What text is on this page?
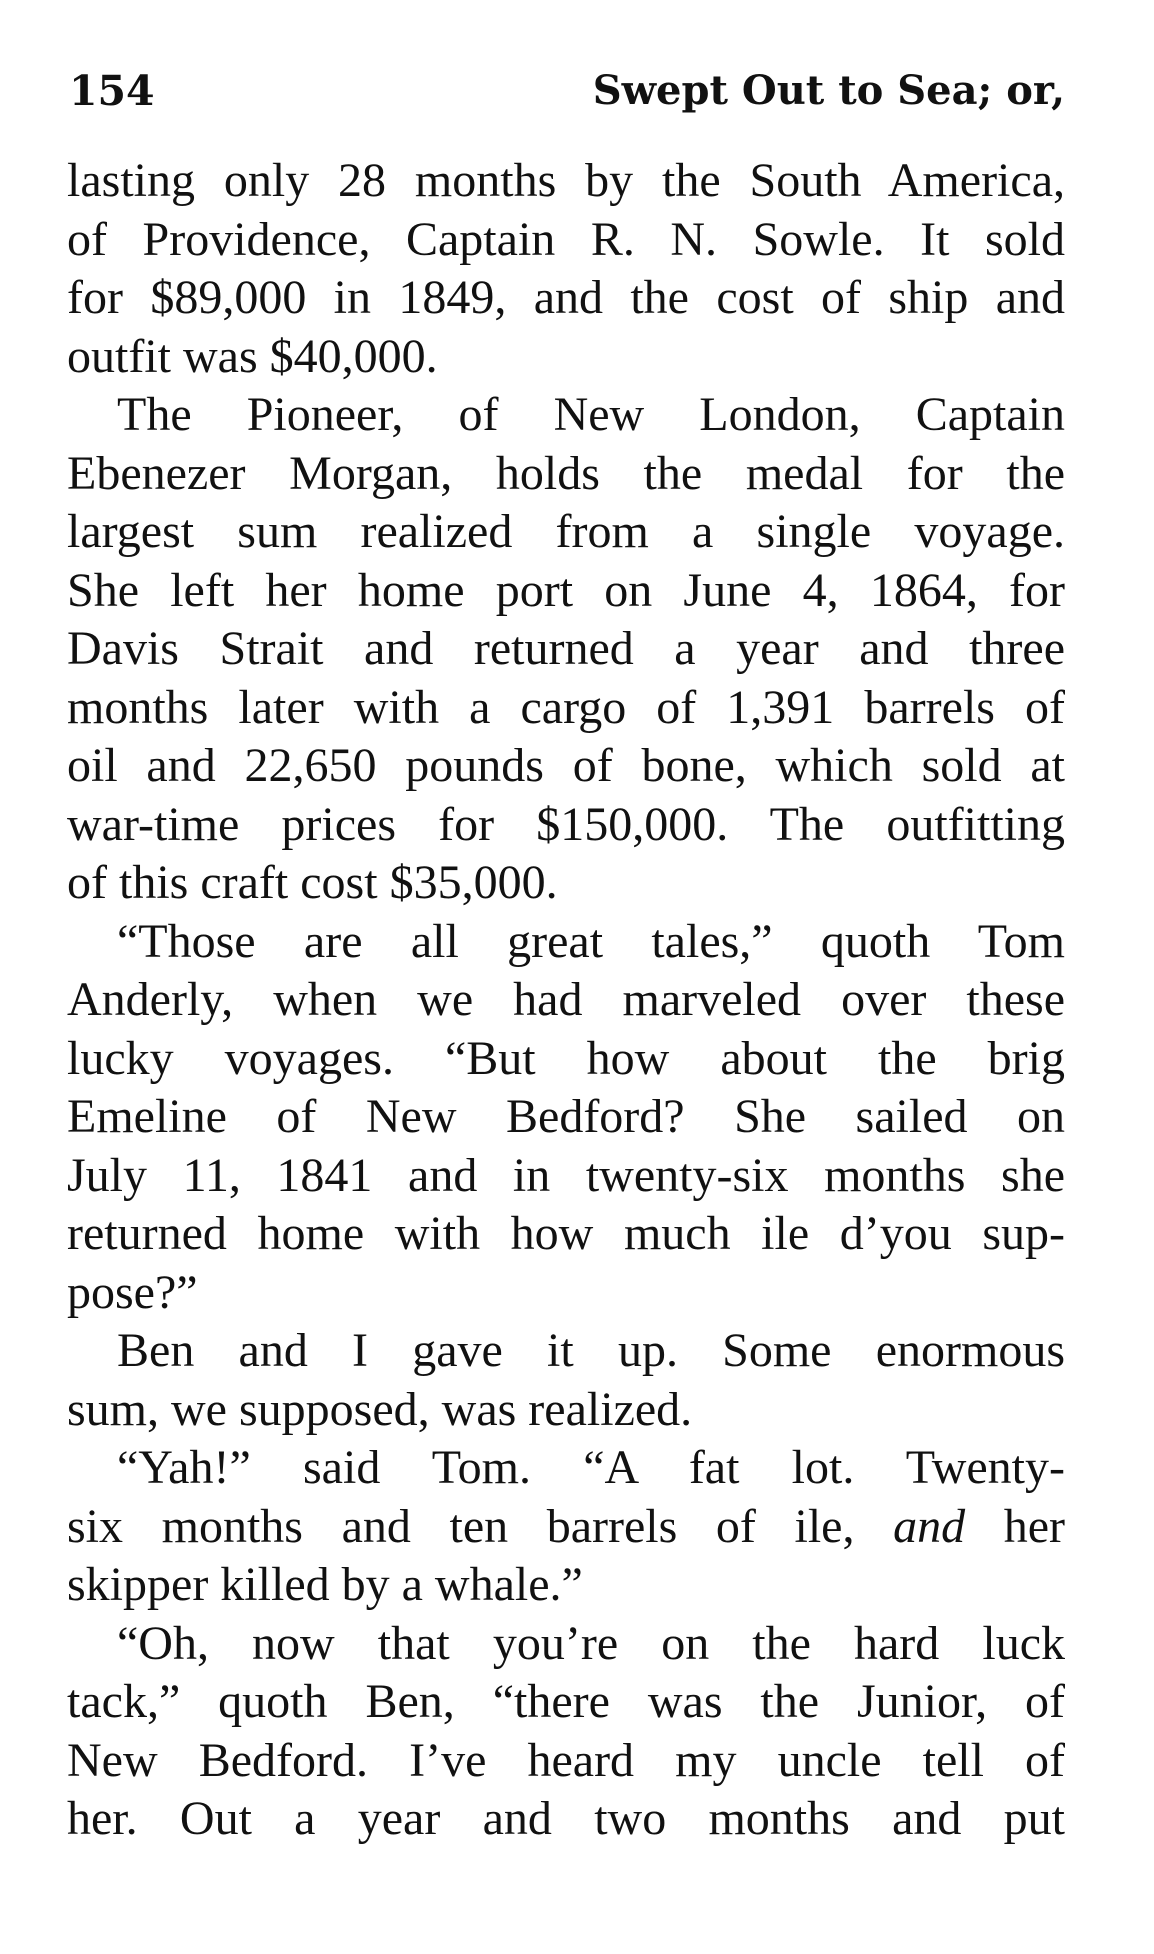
154	Swept Out to Sea; or,

lasting only 28 months by the South America,
of Providence, Captain R. N. Sowle. It sold
for $89,000 in 1849, and the cost of ship and
outfit was $40,000.

The Pioneer, of New London, Captain
Ebenezer Morgan, holds the medal for the
largest sum realized from a single voyage.
She left her home port on June 4, 1864, for
Davis Strait and returned a year and three
months later with a cargo of 1,391 barrels of
oil and 22,650 pounds of bone, which sold at
war-time prices for $150,000. The outfitting
of this craft cost $35,000.

“Those are all great tales,” quoth Tom
Anderly, when we had marveled over these
lucky voyages. “But how about the brig
Emeline of New Bedford? She sailed on
July 11, 1841 and in twenty-six months she
returned home with how much ile d’you sup-
pose?”

Ben and I gave it up. Some enormous
sum, we supposed, was realized.

“Yah!” said Tom. “A fat lot. Twenty-
six months and ten barrels of ile, and her
skipper killed by a whale.”

“Oh, now that you’re on the hard luck
tack,” quoth Ben, “there was the Junior, of
New Bedford. I’ve heard my uncle tell of
her. Out a year and two months and put
